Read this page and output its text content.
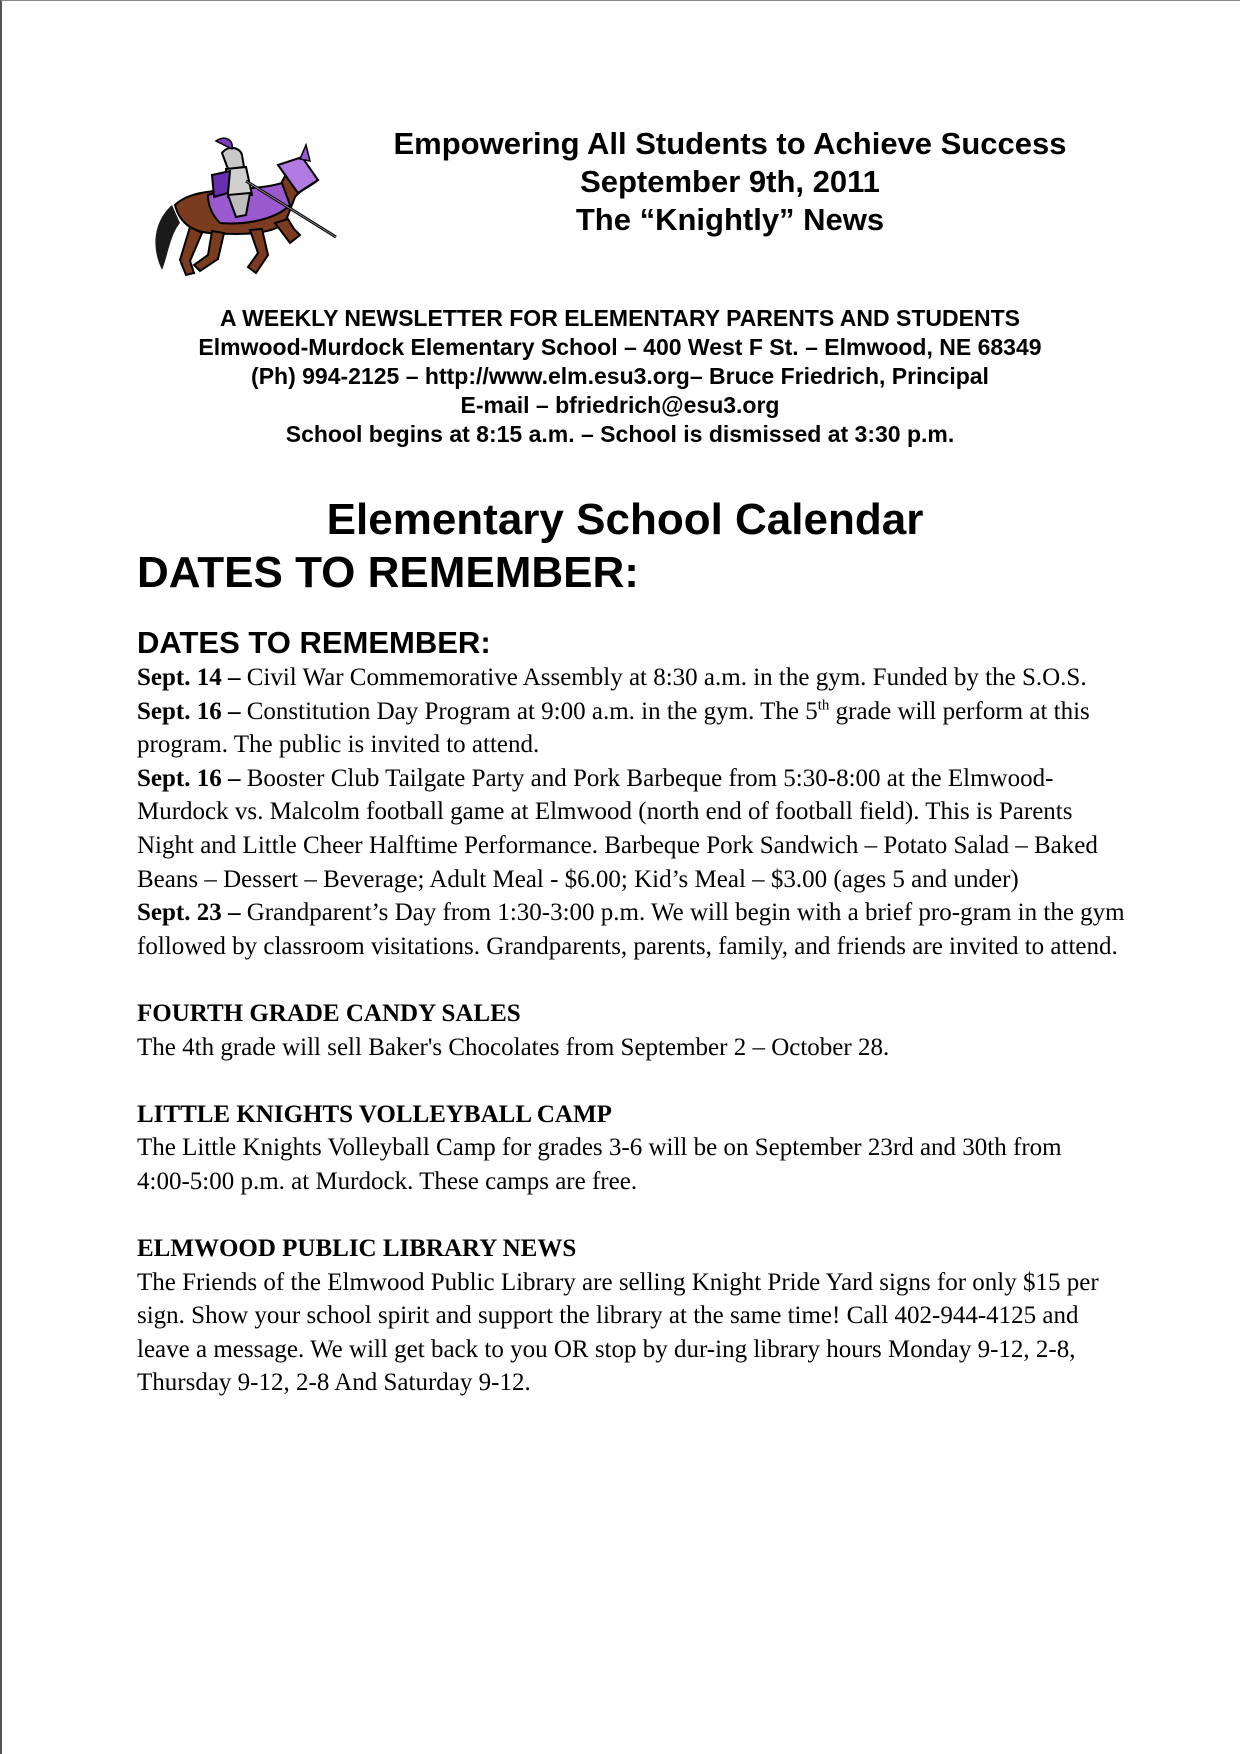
Empowering All Students to Achieve Success
September 9th, 2011
The “Knightly” News
A WEEKLY NEWSLETTER FOR ELEMENTARY PARENTS AND STUDENTS
Elmwood-Murdock Elementary School – 400 West F St. – Elmwood, NE 68349
(Ph) 994-2125 – http://www.elm.esu3.org– Bruce Friedrich, Principal
E-mail – bfriedrich@esu3.org
School begins at 8:15 a.m. – School is dismissed at 3:30 p.m.
Elementary School Calendar
DATES TO REMEMBER:
DATES TO REMEMBER:

Sept. 14 – Civil War Commemorative Assembly at 8:30 a.m. in the gym. Funded by the S.O.S.

Sept. 16 – Constitution Day Program at 9:00 a.m. in the gym. The 5th grade will perform at this program. The public is invited to attend.

Sept. 16 – Booster Club Tailgate Party and Pork Barbeque from 5:30-8:00 at the Elmwood-Murdock vs. Malcolm football game at Elmwood (north end of football field). This is Parents Night and Little Cheer Halftime Performance. Barbeque Pork Sandwich – Potato Salad – Baked Beans – Dessert – Beverage; Adult Meal - $6.00; Kid’s Meal – $3.00 (ages 5 and under)

Sept. 23 – Grandparent’s Day from 1:30-3:00 p.m. We will begin with a brief pro-gram in the gym followed by classroom visitations. Grandparents, parents, family, and friends are invited to attend.

FOURTH GRADE CANDY SALES

The 4th grade will sell Baker's Chocolates from September 2 – October 28.

LITTLE KNIGHTS VOLLEYBALL CAMP

The Little Knights Volleyball Camp for grades 3-6 will be on September 23rd and 30th from

4:00-5:00 p.m. at Murdock. These camps are free.

ELMWOOD PUBLIC LIBRARY NEWS

The Friends of the Elmwood Public Library are selling Knight Pride Yard signs for only $15 per sign. Show your school spirit and support the library at the same time! Call 402-944-4125 and leave a message. We will get back to you OR stop by dur-ing library hours Monday 9-12, 2-8, Thursday 9-12, 2-8 And Saturday 9-12.
